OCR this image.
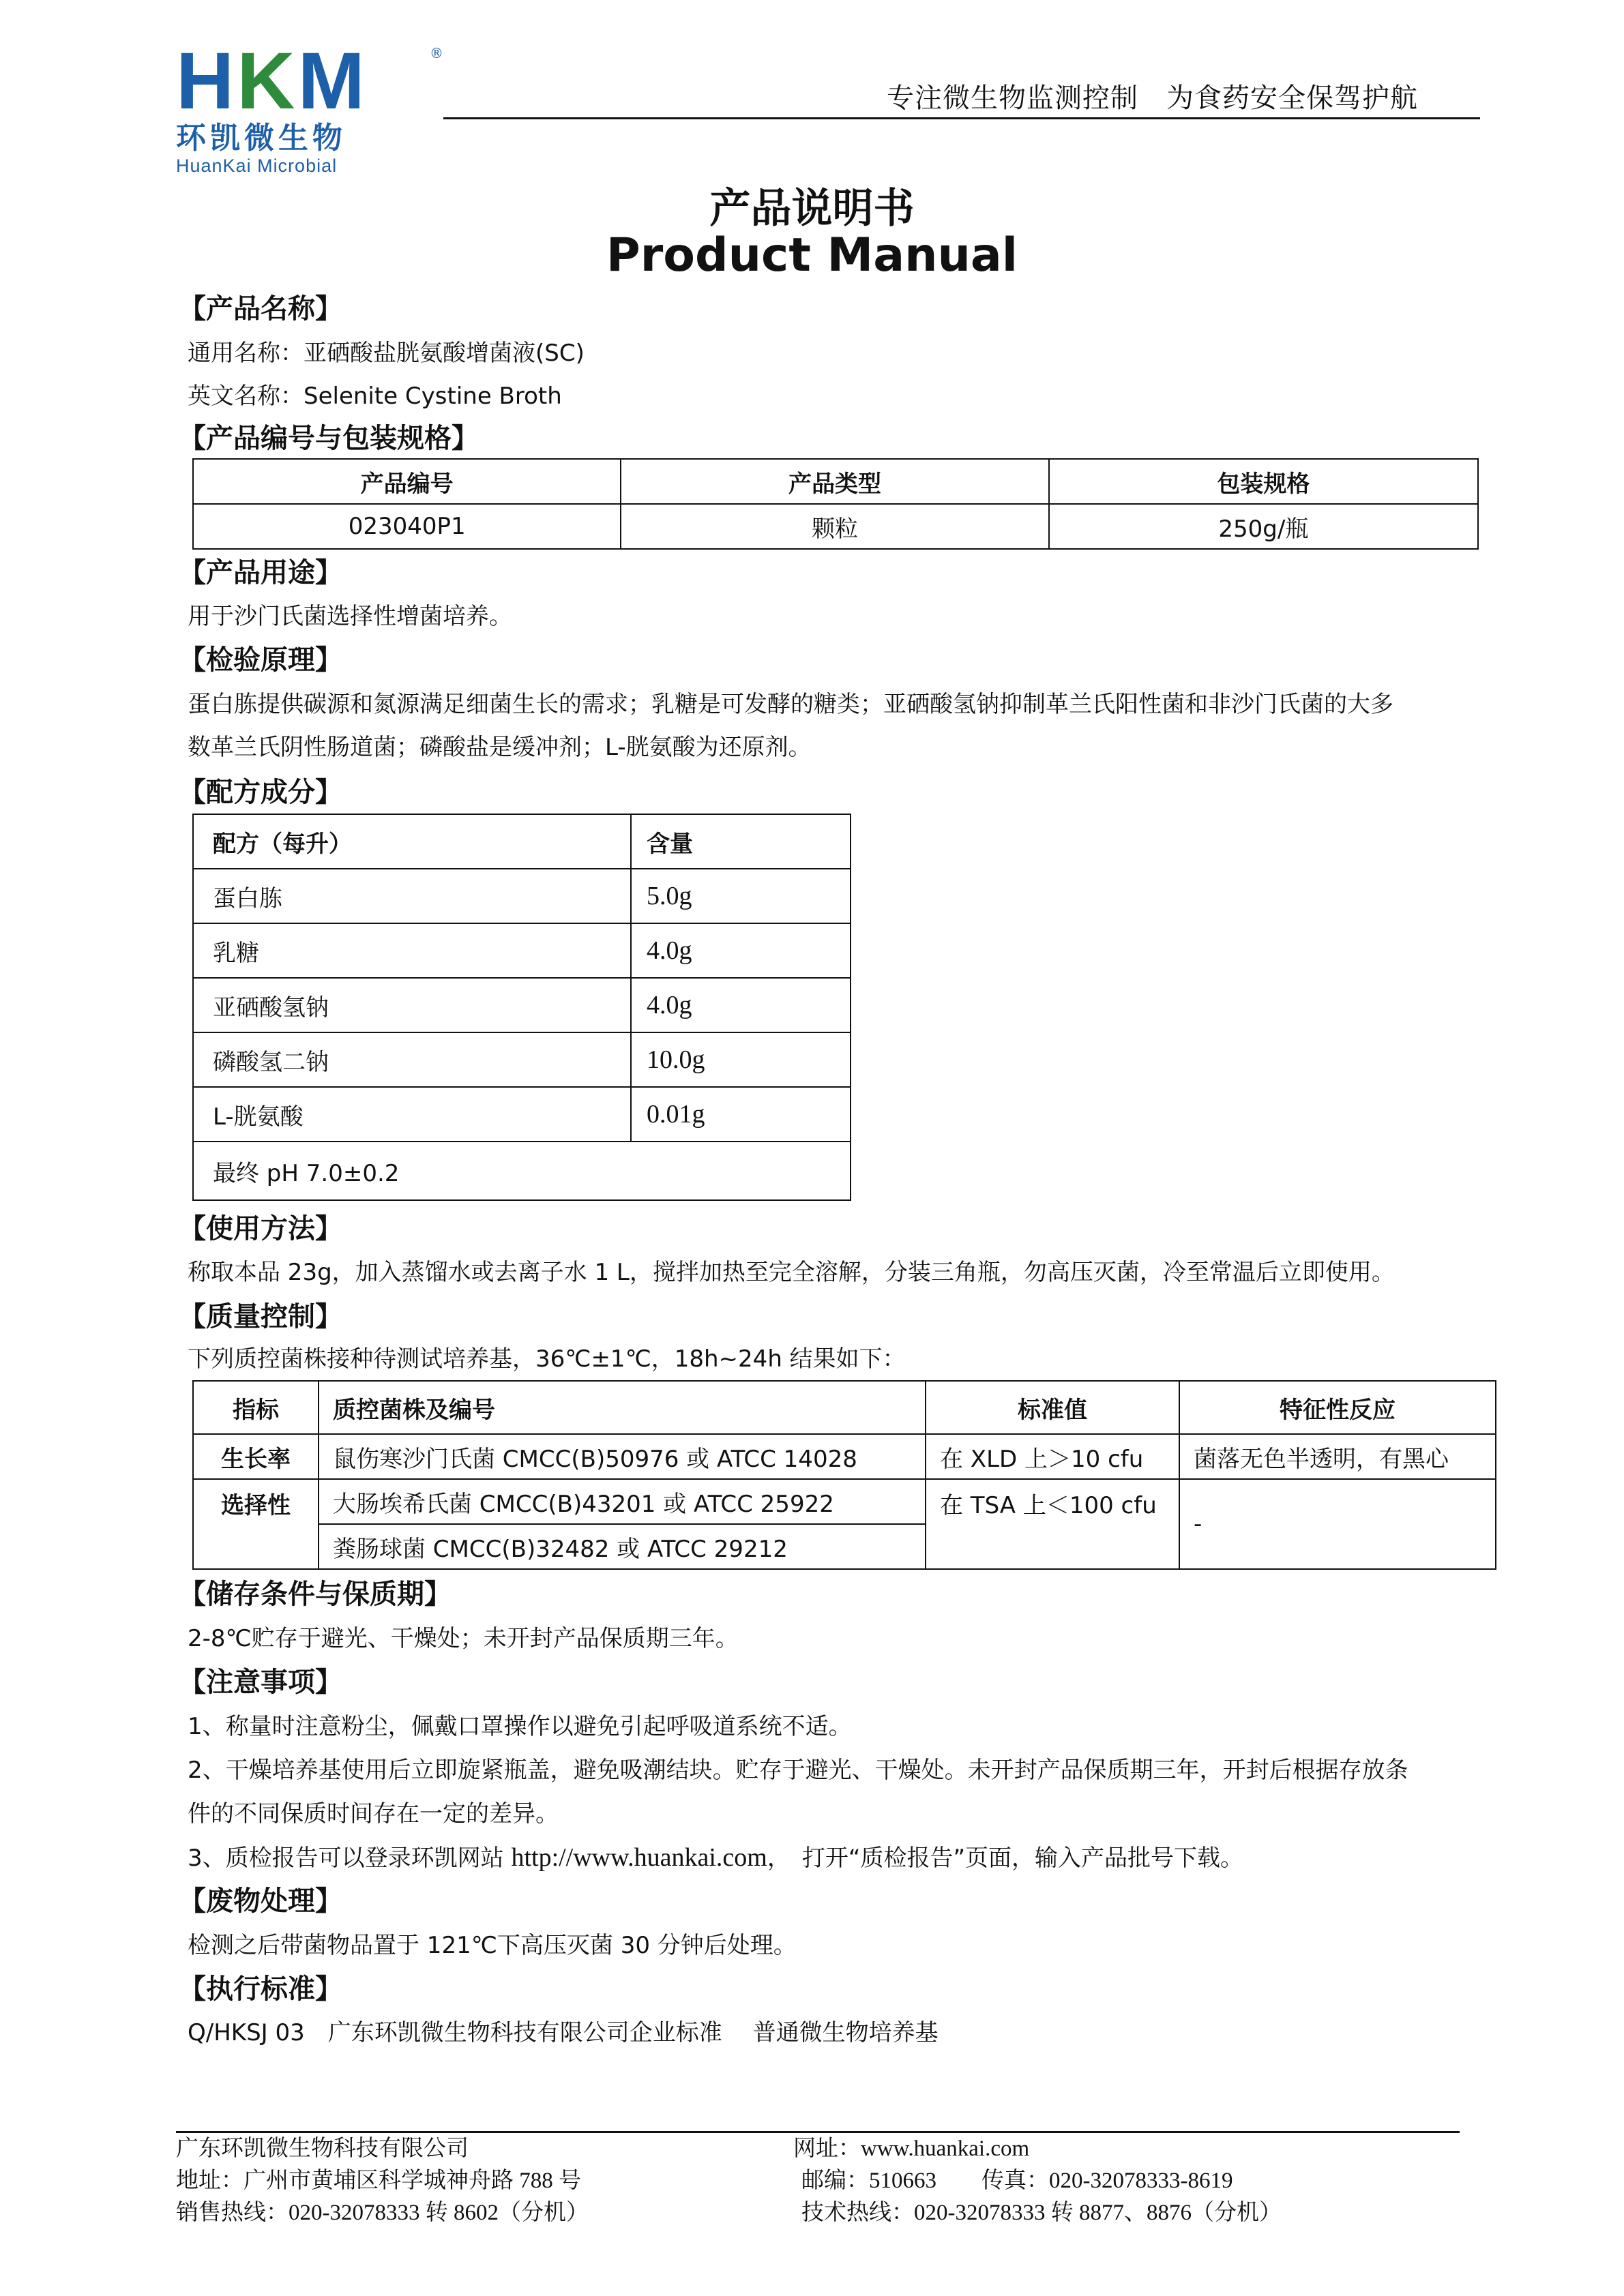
HKM	®
环凯微生物
HuanKai Microbial
专注微生物监测控制　为食药安全保驾护航
产品说明书
Product Manual
【产品名称】
通用名称：亚硒酸盐胱氨酸增菌液(SC)
英文名称：Selenite Cystine Broth
【产品编号与包装规格】
产品编号	产品类型	包装规格
023040P1	颗粒	250g/瓶
【产品用途】
用于沙门氏菌选择性增菌培养。
【检验原理】
蛋白胨提供碳源和氮源满足细菌生长的需求；乳糖是可发酵的糖类；亚硒酸氢钠抑制革兰氏阳性菌和非沙门氏菌的大多
数革兰氏阴性肠道菌；磷酸盐是缓冲剂；L-胱氨酸为还原剂。
【配方成分】
配方（每升）	含量
蛋白胨	5.0g
乳糖	4.0g
亚硒酸氢钠	4.0g
磷酸氢二钠	10.0g
L-胱氨酸	0.01g
最终 pH 7.0±0.2	
【使用方法】
称取本品 23g，加入蒸馏水或去离子水 1 L，搅拌加热至完全溶解，分装三角瓶，勿高压灭菌，冷至常温后立即使用。
【质量控制】
下列质控菌株接种待测试培养基，36℃±1℃，18h~24h 结果如下：
指标	质控菌株及编号	标准值	特征性反应
生长率	鼠伤寒沙门氏菌 CMCC(B)50976 或 ATCC 14028	在 XLD 上＞10 cfu	菌落无色半透明，有黑心
选择性	大肠埃希氏菌 CMCC(B)43201 或 ATCC 25922	在 TSA 上＜100 cfu	-
	粪肠球菌 CMCC(B)32482 或 ATCC 29212		
【储存条件与保质期】
2-8℃贮存于避光、干燥处；未开封产品保质期三年。
【注意事项】
1、称量时注意粉尘，佩戴口罩操作以避免引起呼吸道系统不适。
2、干燥培养基使用后立即旋紧瓶盖，避免吸潮结块。贮存于避光、干燥处。未开封产品保质期三年，开封后根据存放条
件的不同保质时间存在一定的差异。
3、质检报告可以登录环凯网站 http://www.huankai.com，　打开“质检报告”页面，输入产品批号下载。
【废物处理】
检测之后带菌物品置于 121℃下高压灭菌 30 分钟后处理。
【执行标准】
Q/HKSJ 03　广东环凯微生物科技有限公司企业标准　 普通微生物培养基
广东环凯微生物科技有限公司
地址：广州市黄埔区科学城神舟路 788 号
销售热线：020-32078333 转 8602（分机）
网址：www.huankai.com
邮编：510663　　传真：020-32078333-8619
技术热线：020-32078333 转 8877、8876（分机）
